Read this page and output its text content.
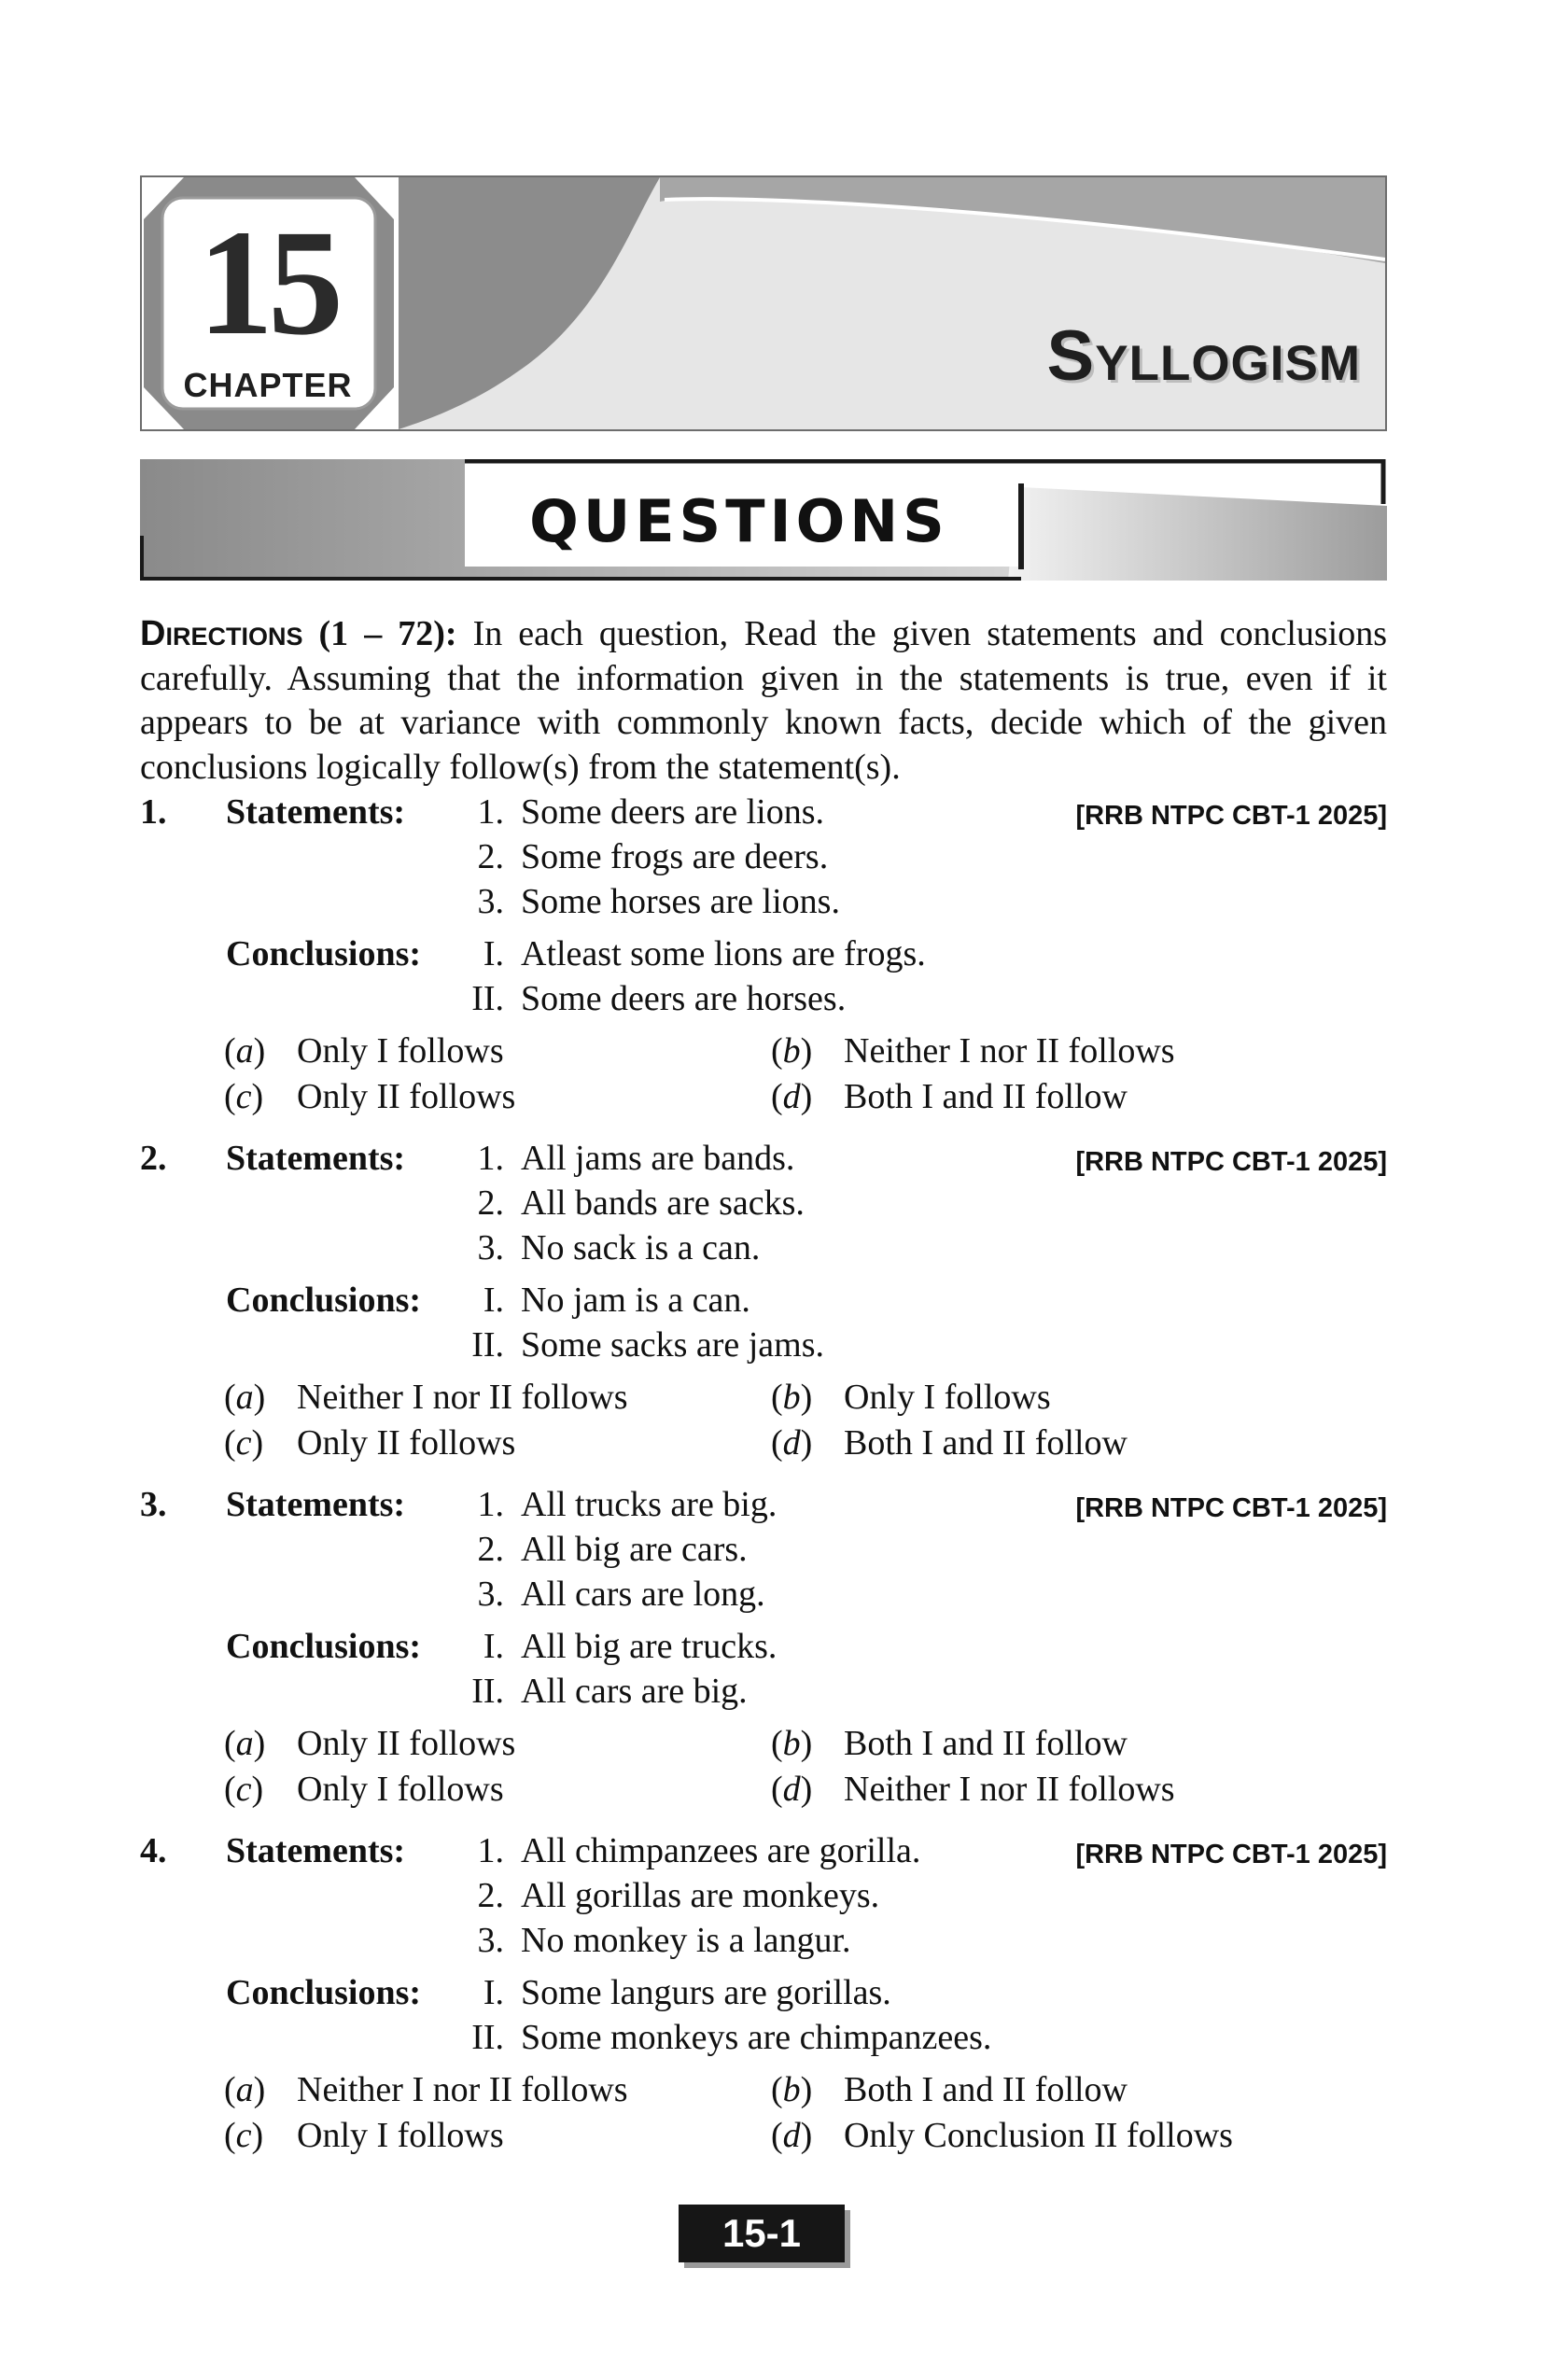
15
CHAPTER	Syllogism
QUESTIONS
Directions (1 – 72): In each question, Read the given statements and conclusions carefully. Assuming that the information given in the statements is true, even if it appears to be at variance with commonly known facts, decide which of the given conclusions logically follow(s) from the statement(s).
1. Statements:	1. Some deers are lions.	[RRB NTPC CBT-1 2025]
2. Some frogs are deers.
3. Some horses are lions.
Conclusions:	I. Atleast some lions are frogs.
II. Some deers are horses.
(a) Only I follows	(b) Neither I nor II follows
(c) Only II follows	(d) Both I and II follow
2. Statements:	1. All jams are bands.	[RRB NTPC CBT-1 2025]
2. All bands are sacks.
3. No sack is a can.
Conclusions:	I. No jam is a can.
II. Some sacks are jams.
(a) Neither I nor II follows	(b) Only I follows
(c) Only II follows	(d) Both I and II follow
3. Statements:	1. All trucks are big.	[RRB NTPC CBT-1 2025]
2. All big are cars.
3. All cars are long.
Conclusions:	I. All big are trucks.
II. All cars are big.
(a) Only II follows	(b) Both I and II follow
(c) Only I follows	(d) Neither I nor II follows
4. Statements:	1. All chimpanzees are gorilla.	[RRB NTPC CBT-1 2025]
2. All gorillas are monkeys.
3. No monkey is a langur.
Conclusions:	I. Some langurs are gorillas.
II. Some monkeys are chimpanzees.
(a) Neither I nor II follows	(b) Both I and II follow
(c) Only I follows	(d) Only Conclusion II follows
15-1
